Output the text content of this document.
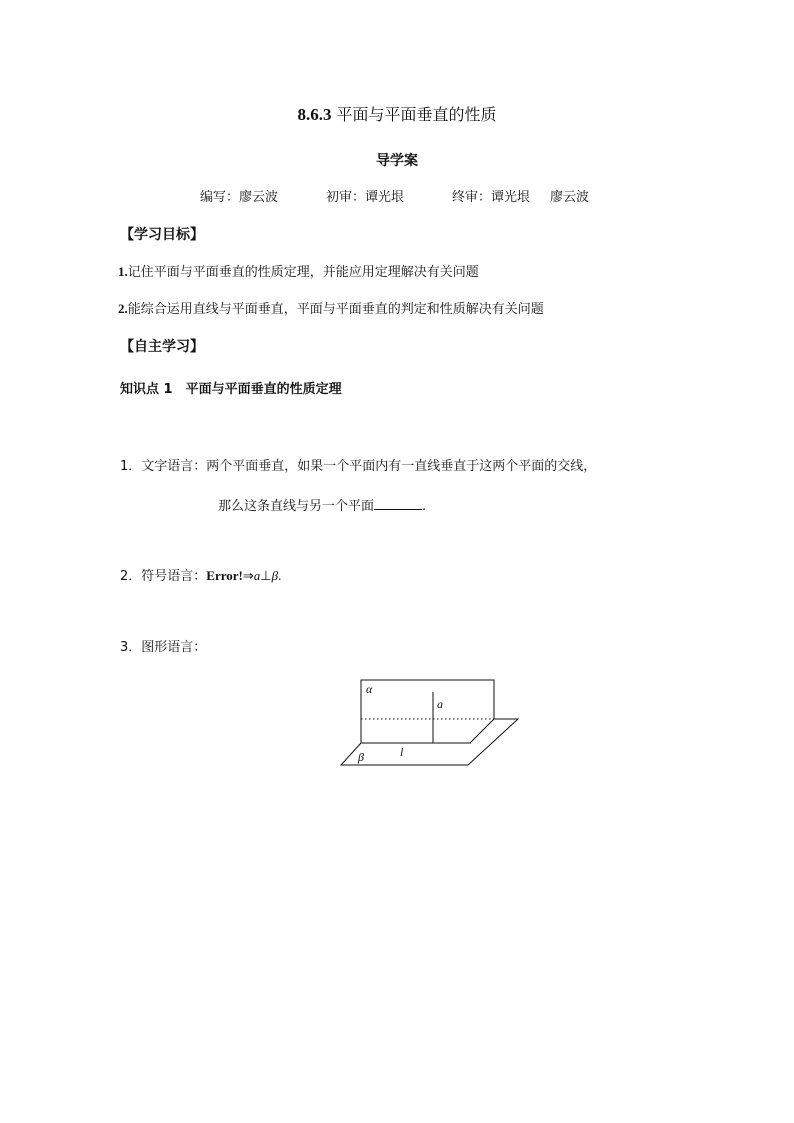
8.6.3 平面与平面垂直的性质
导学案
编写：廖云波	初审：谭光垠	终审：谭光垠 廖云波
【学习目标】
1.记住平面与平面垂直的性质定理，并能应用定理解决有关问题
2.能综合运用直线与平面垂直，平面与平面垂直的判定和性质解决有关问题
【自主学习】
知识点 1　平面与平面垂直的性质定理
1．文字语言：两个平面垂直，如果一个平面内有一直线垂直于这两个平面的交线，
那么这条直线与另一个平面	.
2．符号语言：Error!⇒a⊥β.
3．图形语言：
α
a
β	l
